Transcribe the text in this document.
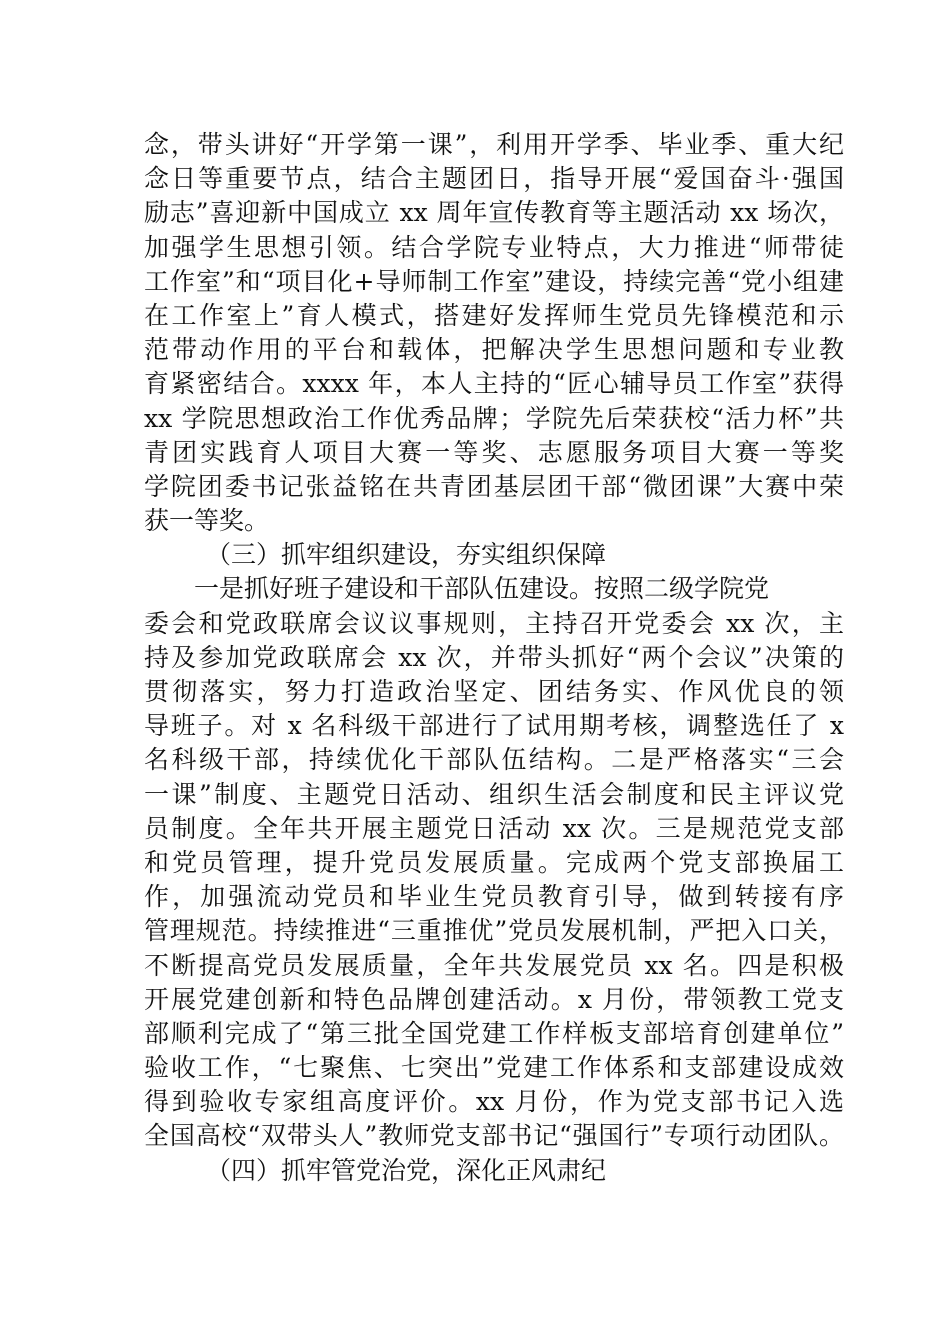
念，带头讲好“开学第一课”，利用开学季、毕业季、重大纪
念日等重要节点，结合主题团日，指导开展“爱国奋斗·强国
励志”喜迎新中国成立 xx 周年宣传教育等主题活动 xx 场次，
加强学生思想引领。结合学院专业特点，大力推进“师带徒
工作室”和“项目化+导师制工作室”建设，持续完善“党小组建
在工作室上”育人模式，搭建好发挥师生党员先锋模范和示
范带动作用的平台和载体，把解决学生思想问题和专业教
育紧密结合。xxxx 年，本人主持的“匠心辅导员工作室”获得
xx 学院思想政治工作优秀品牌；学院先后荣获校“活力杯”共
青团实践育人项目大赛一等奖、志愿服务项目大赛一等奖
学院团委书记张益铭在共青团基层团干部“微团课”大赛中荣
获一等奖。
（三）抓牢组织建设，夯实组织保障
一是抓好班子建设和干部队伍建设。按照二级学院党
委会和党政联席会议议事规则，主持召开党委会 xx 次，主
持及参加党政联席会 xx 次，并带头抓好“两个会议”决策的
贯彻落实，努力打造政治坚定、团结务实、作风优良的领
导班子。对 x 名科级干部进行了试用期考核，调整选任了 x
名科级干部，持续优化干部队伍结构。二是严格落实“三会
一课”制度、主题党日活动、组织生活会制度和民主评议党
员制度。全年共开展主题党日活动 xx 次。三是规范党支部
和党员管理，提升党员发展质量。完成两个党支部换届工
作，加强流动党员和毕业生党员教育引导，做到转接有序
管理规范。持续推进“三重推优”党员发展机制，严把入口关，
不断提高党员发展质量，全年共发展党员 xx 名。四是积极
开展党建创新和特色品牌创建活动。x 月份，带领教工党支
部顺利完成了“第三批全国党建工作样板支部培育创建单位”
验收工作，“七聚焦、七突出”党建工作体系和支部建设成效
得到验收专家组高度评价。xx 月份，作为党支部书记入选
全国高校“双带头人”教师党支部书记“强国行”专项行动团队。
（四）抓牢管党治党，深化正风肃纪
